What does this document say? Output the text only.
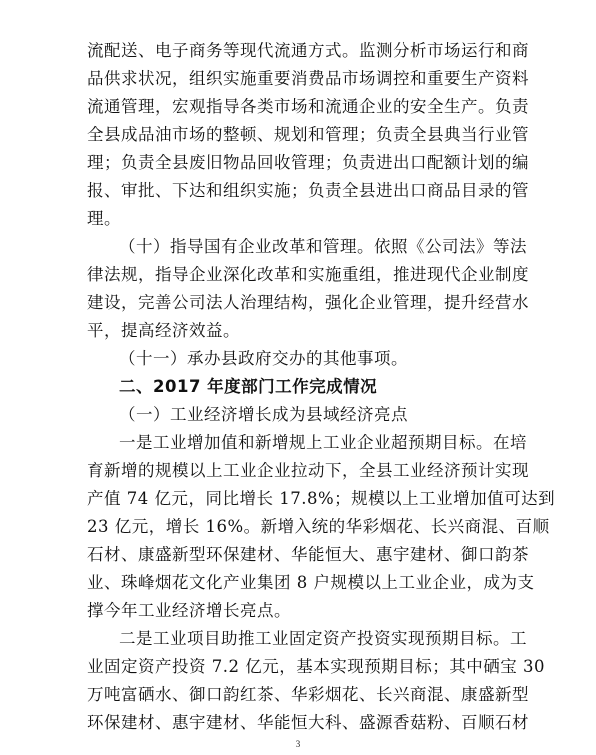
流配送、电子商务等现代流通方式。监测分析市场运行和商
品供求状况，组织实施重要消费品市场调控和重要生产资料
流通管理，宏观指导各类市场和流通企业的安全生产。负责
全县成品油市场的整顿、规划和管理；负责全县典当行业管
理；负责全县废旧物品回收管理；负责进出口配额计划的编
报、审批、下达和组织实施；负责全县进出口商品目录的管
理。
（十）指导国有企业改革和管理。依照《公司法》等法
律法规，指导企业深化改革和实施重组，推进现代企业制度
建设，完善公司法人治理结构，强化企业管理，提升经营水
平，提高经济效益。
（十一）承办县政府交办的其他事项。
二、2017 年度部门工作完成情况
（一）工业经济增长成为县域经济亮点
一是工业增加值和新增规上工业企业超预期目标。在培
育新增的规模以上工业企业拉动下，全县工业经济预计实现
产值 74 亿元，同比增长 17.8%；规模以上工业增加值可达到
23 亿元，增长 16%。新增入统的华彩烟花、长兴商混、百顺
石材、康盛新型环保建材、华能恒大、惠宇建材、御口韵茶
业、珠峰烟花文化产业集团 8 户规模以上工业企业，成为支
撑今年工业经济增长亮点。
二是工业项目助推工业固定资产投资实现预期目标。工
业固定资产投资 7.2 亿元，基本实现预期目标；其中硒宝 30
万吨富硒水、御口韵红茶、华彩烟花、长兴商混、康盛新型
环保建材、惠宇建材、华能恒大科、盛源香菇粉、百顺石材
3
